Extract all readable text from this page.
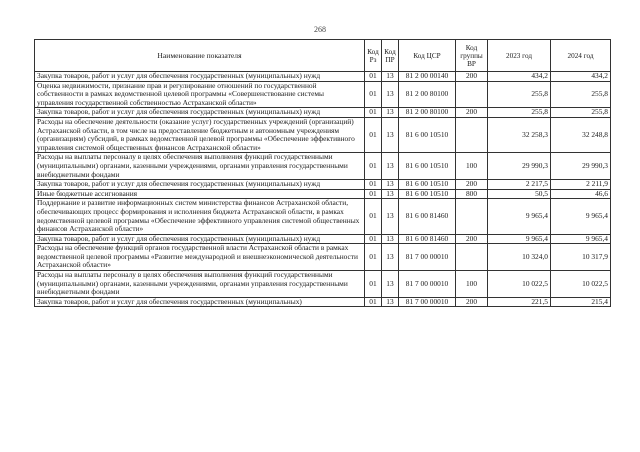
268
Наименование показателя	Код Рз	Код ПР	Код ЦСР	Код группы ВР	2023 год	2024 год
Закупка товаров, работ и услуг для обеспечения государственных (муниципальных) нужд	01	13	81 2 00 00140	200	434,2	434,2
Оценка недвижимости, признание прав и регулирование отношений по государственной собственности в рамках ведомственной целевой программы «Совершенствование системы управления государственной собственностью Астраханской области»	01	13	81 2 00 80100		255,8	255,8
Закупка товаров, работ и услуг для обеспечения государственных (муниципальных) нужд	01	13	81 2 00 80100	200	255,8	255,8
Расходы на обеспечение деятельности (оказание услуг) государственных учреждений (организаций) Астраханской области, в том числе на предоставление бюджетным и автономным учреждениям (организациям) субсидий, в рамках ведомственной целевой программы «Обеспечение эффективного управления системой общественных финансов Астраханской области»	01	13	81 6 00 10510		32 258,3	32 248,8
Расходы на выплаты персоналу в целях обеспечения выполнения функций государственными (муниципальными) органами, казенными учреждениями, органами управления государственными внебюджетными фондами	01	13	81 6 00 10510	100	29 990,3	29 990,3
Закупка товаров, работ и услуг для обеспечения государственных (муниципальных) нужд	01	13	81 6 00 10510	200	2 217,5	2 211,9
Иные бюджетные ассигнования	01	13	81 6 00 10510	800	50,5	46,6
Поддержание и развитие информационных систем министерства финансов Астраханской области, обеспечивающих процесс формирования и исполнения бюджета Астраханской области, в рамках ведомственной целевой программы «Обеспечение эффективного управления системой общественных финансов Астраханской области»	01	13	81 6 00 81460		9 965,4	9 965,4
Закупка товаров, работ и услуг для обеспечения государственных (муниципальных) нужд	01	13	81 6 00 81460	200	9 965,4	9 965,4
Расходы на обеспечение функций органов государственной власти Астраханской области в рамках ведомственной целевой программы «Развитие международной и внешнеэкономической деятельности Астраханской области»	01	13	81 7 00 00010		10 324,0	10 317,9
Расходы на выплаты персоналу в целях обеспечения выполнения функций государственными (муниципальными) органами, казенными учреждениями, органами управления государственными внебюджетными фондами	01	13	81 7 00 00010	100	10 022,5	10 022,5
Закупка товаров, работ и услуг для обеспечения государственных (муниципальных)	01	13	81 7 00 00010	200	221,5	215,4
